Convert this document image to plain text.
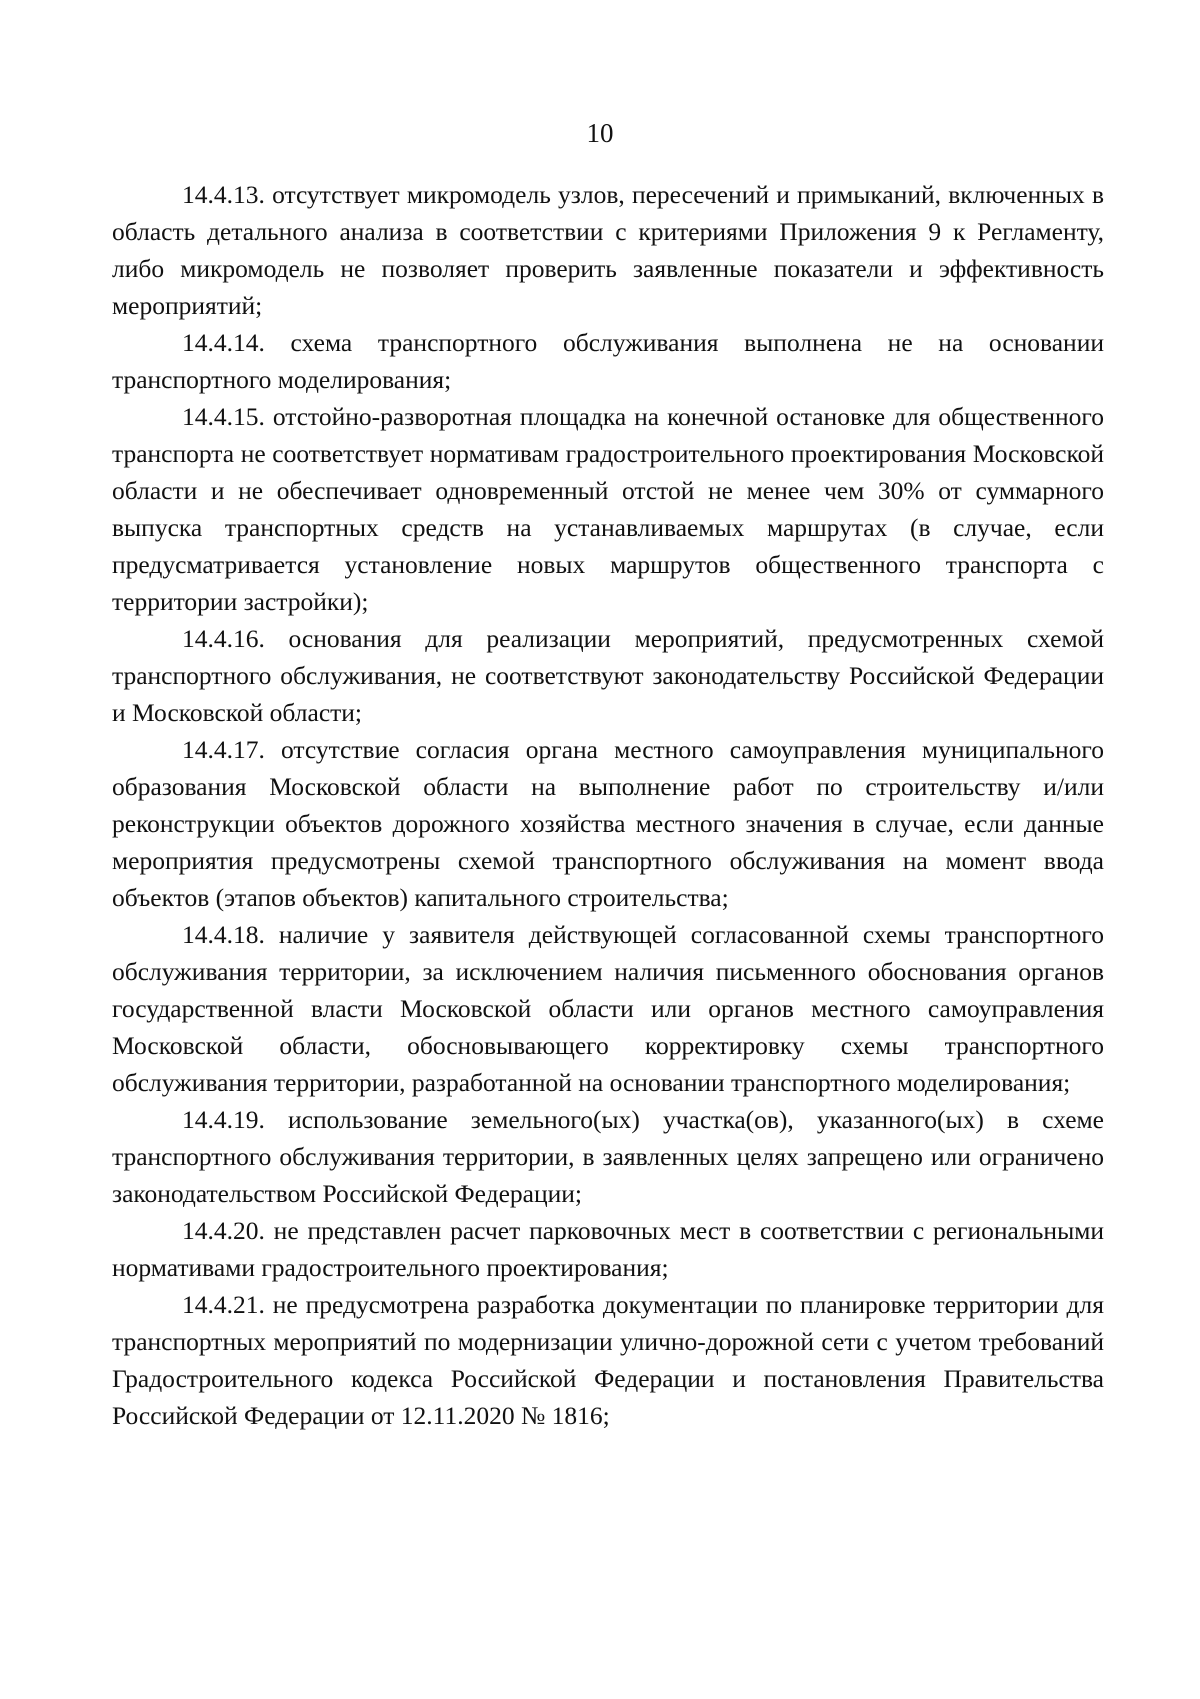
10

14.4.13. отсутствует микромодель узлов, пересечений и примыканий, включенных в область детального анализа в соответствии с критериями Приложения 9 к Регламенту, либо микромодель не позволяет проверить заявленные показатели и эффективность мероприятий;

14.4.14. схема транспортного обслуживания выполнена не на основании транспортного моделирования;

14.4.15. отстойно-разворотная площадка на конечной остановке для общественного транспорта не соответствует нормативам градостроительного проектирования Московской области и не обеспечивает одновременный отстой не менее чем 30% от суммарного выпуска транспортных средств на устанавливаемых маршрутах (в случае, если предусматривается установление новых маршрутов общественного транспорта с территории застройки);

14.4.16. основания для реализации мероприятий, предусмотренных схемой транспортного обслуживания, не соответствуют законодательству Российской Федерации и Московской области;

14.4.17. отсутствие согласия органа местного самоуправления муниципального образования Московской области на выполнение работ по строительству и/или реконструкции объектов дорожного хозяйства местного значения в случае, если данные мероприятия предусмотрены схемой транспортного обслуживания на момент ввода объектов (этапов объектов) капитального строительства;

14.4.18. наличие у заявителя действующей согласованной схемы транспортного обслуживания территории, за исключением наличия письменного обоснования органов государственной власти Московской области или органов местного самоуправления Московской области, обосновывающего корректировку схемы транспортного обслуживания территории, разработанной на основании транспортного моделирования;

14.4.19. использование земельного(ых) участка(ов), указанного(ых) в схеме транспортного обслуживания территории, в заявленных целях запрещено или ограничено законодательством Российской Федерации;

14.4.20. не представлен расчет парковочных мест в соответствии с региональными нормативами градостроительного проектирования;

14.4.21. не предусмотрена разработка документации по планировке территории для транспортных мероприятий по модернизации улично-дорожной сети с учетом требований Градостроительного кодекса Российской Федерации и постановления Правительства Российской Федерации от 12.11.2020 № 1816;
